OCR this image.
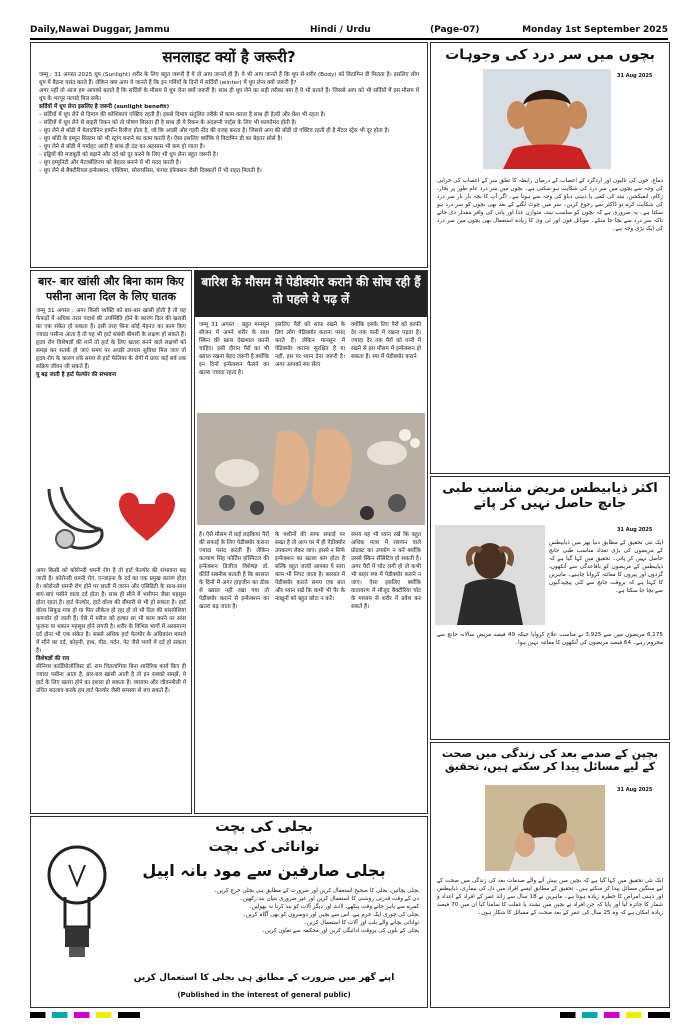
Daily,Nawai Duggar, Jammu	Hindi / Urdu	(Page-07)	Monday 1st September 2025
सनलाइट क्यों है जरूरी?
जम्मू : 31 अगस्त 2025 धूप (Sunlight) शरीर के लिए बहुत जरूरी है ये तो आप जानते ही हैं। ये भी आप जानते हैं कि धूप से शरीर (Body) को विटामिन डी मिलता है। इसलिए लोग धूप में बैठना पसंद करते हैं। लेकिन क्या आप ये जानते हैं कि इन गर्मियों के दिनों में सर्दियों (winter) में धूप लेना क्यों जरूरी है?
अगर नहीं तो आज हम आपको बताते हैं कि सर्दियों के मौसम में धूप लेना क्यों जरूरी है। साथ ही धूप लेने का सही तरीका क्या है ये भी बताते हैं। जिससे आप को भी सर्दियों में इस मौसम में धूप के भरपूर फायदे मिल सकें।
सर्दियों में धूप लेना इसलिए है जरूरी (sunlight benefit)
– सर्दियों में धूप लेने से दिमाग की कोशिकाएं एक्टिव रहती हैं। इससे दिमाग संतुलित तरीके से काम करता है साथ ही हेल्दी और फ्रेश भी रहता है।
– सर्दियों में धूप लेने से बाहरी रिकन को तो पोषण मिलता ही है साथ ही ये रिकन के अंदरूनी पार्ट्स के लिए भी फायदेमंद होती है।
– धूप लेने से बॉडी में मेलाटोनिन हार्मोन रिलीज होता है, जो कि अच्छी और गहरी नींद की वजह बनता है। जिससे आप की बॉडी दो एक्टिव रहती ही है मेंटल स्ट्रेस भी दूर होता है।
– धूप बॉडी के इम्यून सिस्टम को भी स्ट्रांग बनाने का काम करती है। ऐसा इसलिए क्योंकि ये विटामिन डी का बेहतर सोर्स है।
– धूप लेने से बॉडी में गर्माहट आती है साथ ही ठंड का अहसास भी कम हो जाता है।
– हड्डियों की मजबूती को बढ़ाने और दर्द को दूर करने के लिए भी धूप लेना बहुत जरूरी है।
– धूप इम्युनिटी और मेटाबॉलिज्म को बेहतर बनाने में भी मदद करती है।
– धूप लेने से बैक्टीरियल इन्फेक्शन, एक्जिमा, सोरायसिस, फंगल इंफेक्शन जैसी दिक्कतों में भी राहत मिलती है।
बार- बार खांसी और बिना काम किए पसीना आना दिल के लिए घातक
जम्मू 31 अगस्त : अगर किसी व्यक्ति को बार-बार खांसी होती है तो यह फेफड़ों में अधिक तरल पदार्थ की उपस्थिति होने के कारण दिल की खराबी का एक संकेत हो सकता है। इसी तरह बिना कोई मेहनत का काम किए ज्यादा पसीना आता है तो यह भी हार्ट संबंधी बीमारी के लक्षण हो सकते हैं। हृदय रोग विशेषज्ञों की मानें तो हार्ट के लिए खतरा बनने वाले लक्षणों को समझ कर सतर्क हो जाएं समय पर अच्छी उपचार सुविधा मिल जाए तो हृदय रोग के कारण लंबे समय से हार्ट फेलियर के रोगी में प्रायः कई सर्व तक सक्रिय जीवन जी सकते हैं।
यू बढ़ जाती है हार्ट फेल्योर की संभावना
अगर किसी को कोरोनरी धमनी रोग है तो हार्ट फेल्योर की संभावना बढ़ जाती है। कोरोनरी धमनी रोग, एन्जाइना के दर्द का एक प्रमुख कारण होता है। कोरोनरी धमनी रोग होने पर छाती में जलन और एसिडिटी के साथ-साथ बाएं-बाएं पसीने वाला दर्द होता है। साथ ही सीने में भारीपन जैसा महसूस होता रहता है। हार्ट फेल्योर, हार्ट वॉल्व की बीमारी से भी हो सकता है। हार्ट वॉल्व सिकुड़ गया हो या फिर लीकेज हो रहा हो तो भी दिल की मांसपेशियां कमजोर हो जाती हैं। ऐसे में मरीज को हल्का सा भी काम करने पर सांस फूलना या थकान महसूस होने लगती है। शरीर के विभिन्न भागों में असामान्य दर्द होना भी एक संकेत है। सबसे अधिक हार्ट फेल्योर के अधिकांश मामले में सीने का दर्द, कोहनी, हाथ, पीठ, गर्दन, पेट जैसे भागों में दर्द हो सकता है।
विशेषज्ञों की राय
सीनियर कार्डियोलॉजिस्ट डॉ. राम चितलांगिया बिना शारीरिक कार्य किए ही ज्यादा पसीना आता है, बार-बार खांसी आती है तो इन सबको समझें, ये हार्ट के लिए खतरा होने का इशारा हो सकता है। व्यायाम और जीवनशैली में उचित बदलाव करके हम हार्ट फेल्योर जैसी समस्या से बच सकते हैं।
बारिश के मौसम में पेडीक्योर कराने की सोच रही हैं तो पहले ये पढ़ लें
जम्मू 31 अगस्त : बहुत मानसून सीजन में अपने शरीर के साथ स्किन की खास देखभाल करनी चाहिए। इसी दौरान पैरों का भी ख्याल रखना बेहद जरूरी है क्योंकि इन दिनों इन्फेक्शन फैलने का खतरा ज्यादा रहता है।
इसलिए पैरों को साफ रखने के लिए लोग पेडिक्योर कराना पसंद करते हैं। लेकिन मानसून में पेडिक्योर कराना सुरक्षित है या नहीं, इस पर ध्यान देना जरूरी है। अगर आपको स्पा सेंटर
क्योंकि इसके लिए पैरों को काफी देर तक पानी में रखना पड़ता है। ज्यादा देर तक पैरों को पानी में रखने से इस मौसम में इन्फेक्शन हो सकता है। स्पा में पेडीक्योर कराने
है। ऐसे मौसम में कई लड़कियां पैरों की सफाई के लिए पेडीक्योर कराना ज्यादा पसंद करती हैं। लेकिन कल्याण सिंह फोर्टिस हॉस्पिटल की इन्फेक्शन डिजीज विशेषज्ञ डॉ. कीर्ति सबनीस बताती हैं कि बरसात के दिनों में अगर हाइजीन का ठीक से ख्याल नहीं रखा गया तो पेडीक्योर कराने से इन्फेक्शन का खतरा बढ़ जाता है।
के मशीनों की साफ सफाई पर सख्त है तो आप घर में ही पेडीक्योर उपकरण लेकर जाएं। इससे न सिर्फ इन्फेक्शन का खतरा कम होता है बल्कि बहुत जल्दी आपका ये सारा काम भी निपट जाता है। बरसात में पेडीक्योर कराते समय एक बात और ध्यान रखें कि कभी भी पैर के नाखूनों को बहुत छोटा न करें।
समय यह भी ध्यान रखें कि बहुत अधिक मात्रा में रसायन वाले प्रोडक्ट का उपयोग न करें क्योंकि उससे स्किन सेंसिटिव हो सकती है। अगर पैरों में चोट लगी हो तो कभी भी बाहर स्पा में पेडीक्योर कराने न जाएं। ऐसा इसलिए क्योंकि वातावरण में मौजूद बैक्टीरिया चोट के माध्यम से शरीर में प्रवेश कर सकते हैं।
بجلی کی بچت
توانائی کی بچت
بجلی صارفین سے مود بانہ اپیل
بجلی بچائیں، بجلی کا صحیح استعمال کریں اور ضرورت کے مطابق ہی بجلی خرچ کریں۔
دن کے وقت قدرتی روشنی کا استعمال کریں اور غیر ضروری بتیاں بند رکھیں۔
کمرے سے باہر جاتے وقت پنکھے، لائٹ اور دیگر آلات کو بند کرنا نہ بھولیں۔
بجلی کی چوری ایک جرم ہے، اس سے بچیں اور دوسروں کو بھی آگاہ کریں۔
توانائی بچانے والے بلب اور آلات کا استعمال کریں۔
بجلی کے بلوں کی بروقت ادائیگی کریں اور محکمہ سے تعاون کریں۔
اپنے گھر میں ضرورت کے مطابق ہی بجلی کا استعمال کریں
(Published in the interest of general public)
بچوں میں سر درد کی وجوہات
31 Aug 2025
دماغ، خون کی نالیوں اور اردگرد کے اعصاب کے درمیان رابطہ کا تعلق سر کے اعصاب کی خرابی کی وجہ سے بچوں میں سر درد کی شکایت ہو سکتی ہے۔ بچوں میں سر درد عام طور پر بخار، زکام، انفیکشن، نیند کی کمی یا ذہنی دباؤ کی وجہ سے ہوتا ہے۔ اگر آپ کا بچہ بار بار سر درد کی شکایت کرے تو ڈاکٹر سے رجوع کریں۔ سر میں چوٹ لگنے کے بعد بھی بچوں کو سر درد ہو سکتا ہے۔ یہ ضروری ہے کہ بچوں کو مناسب نیند، متوازن غذا اور پانی کی وافر مقدار دی جائے تاکہ سر درد سے بچا جا سکے۔ موبائل فون اور ٹی وی کا زیادہ استعمال بھی بچوں میں سر درد کی ایک بڑی وجہ ہے۔
اکثر ذیابیطس مریض مناسب طبی
جانچ حاصل نہیں کر پاتے
31 Aug 2025
ایک نئی تحقیق کے مطابق دنیا بھر میں ذیابیطس کے مریضوں کی بڑی تعداد مناسب طبی جانچ حاصل نہیں کر پاتی۔ تحقیق میں کہا گیا ہے کہ ذیابیطس کے مریضوں کو باقاعدگی سے آنکھوں، گردوں اور پیروں کا معائنہ کروانا چاہیے۔ ماہرین کا کہنا ہے کہ بروقت جانچ سے کئی پیچیدگیوں سے بچا جا سکتا ہے۔
6,175 مریضوں میں سے 3,925 نے مناسب علاج کروایا جبکہ 49 فیصد مریض سالانہ جانچ سے محروم رہے۔ 64 فیصد مریضوں کی آنکھوں کا معائنہ نہیں ہوا۔
بچپن کے صدمے بعد کی زندگی میں صحت
کے لیے مسائل پیدا کر سکتے ہیں، تحقیق
31 Aug 2025
ایک نئی تحقیق میں کہا گیا ہے کہ بچپن میں پیش آنے والے صدمات بعد کی زندگی میں صحت کے لیے سنگین مسائل پیدا کر سکتے ہیں۔ تحقیق کے مطابق ایسے افراد میں دل کی بیماری، ذیابیطس اور ذہنی امراض کا خطرہ زیادہ ہوتا ہے۔ ماہرین نے 18 سال سے زائد عمر کے افراد کے اعداد و شمار کا جائزہ لیا اور پایا کہ جن افراد نے بچپن میں تشدد یا غفلت کا سامنا کیا ان میں 70 فیصد زیادہ امکان ہے کہ وہ 25 سال کی عمر کے بعد صحت کے مسائل کا شکار ہوں۔
